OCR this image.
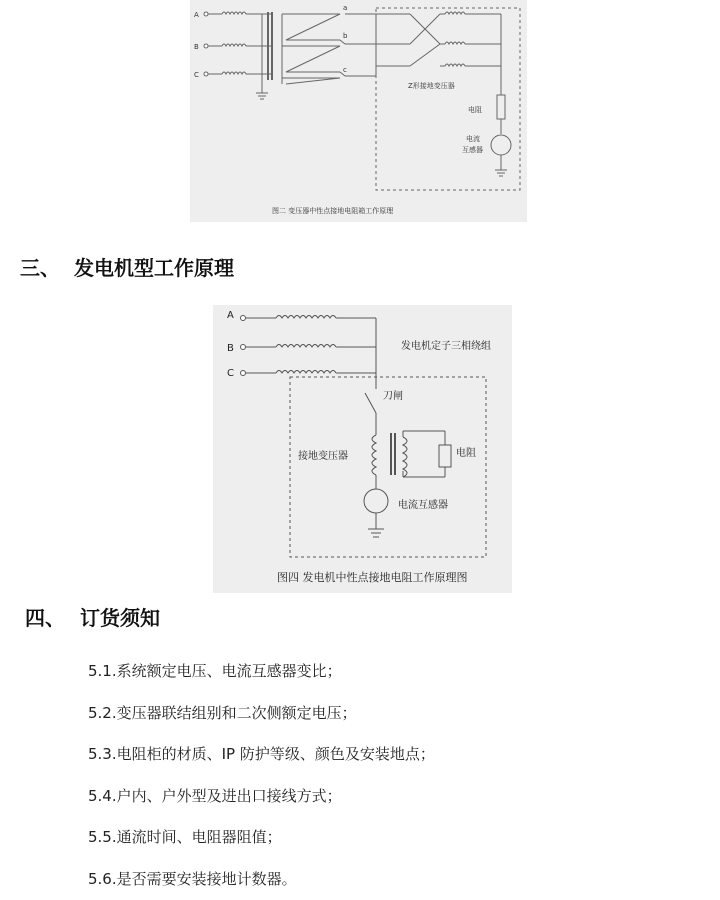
A
B
C
a
b
c
Z形接地变压器
电阻
电流
互感器
图二 变压器中性点接地电阻箱工作原理
三、 发电机型工作原理
A
B
C
发电机定子三相绕组
刀闸
接地变压器	电阻
电流互感器
图四 发电机中性点接地电阻工作原理图
四、 订货须知
5.1.系统额定电压、电流互感器变比；
5.2.变压器联结组别和二次侧额定电压；
5.3.电阻柜的材质、IP 防护等级、颜色及安装地点；
5.4.户内、户外型及进出口接线方式；
5.5.通流时间、电阻器阻值；
5.6.是否需要安装接地计数器。
